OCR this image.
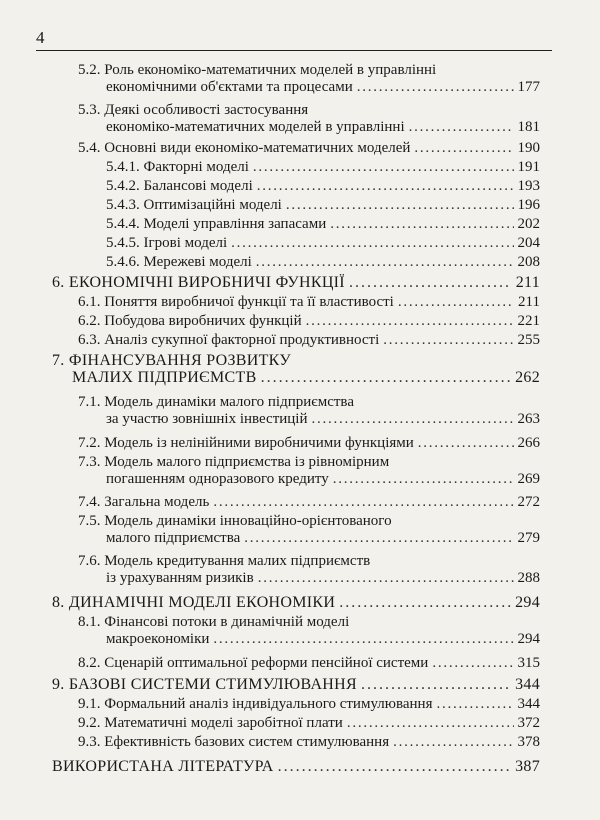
4
5.2. Роль економіко-математичних моделей в управлінні
економічними об'єктами та процесами . . .	177
5.3. Деякі особливості застосування
економіко-математичних моделей в управлінні . . .	181
5.4. Основні види економіко-математичних моделей . . .	190
5.4.1. Факторні моделі . . .	191
5.4.2. Балансові моделі . . .	193
5.4.3. Оптимізаційні моделі . . .	196
5.4.4. Моделі управління запасами . . .	202
5.4.5. Ігрові моделі . . .	204
5.4.6. Мережеві моделі . . .	208
6. ЕКОНОМІЧНІ ВИРОБНИЧІ ФУНКЦІЇ . . .	211
6.1. Поняття виробничої функції та її властивості . . .	211
6.2. Побудова виробничих функцій . . .	221
6.3. Аналіз сукупної факторної продуктивності . . .	255
7. ФІНАНСУВАННЯ РОЗВИТКУ
МАЛИХ ПІДПРИЄМСТВ . . .	262
7.1. Модель динаміки малого підприємства
за участю зовнішніх інвестицій . . .	263
7.2. Модель із нелінійними виробничими функціями . . .	266
7.3. Модель малого підприємства із рівномірним
погашенням одноразового кредиту . . .	269
7.4. Загальна модель . . .	272
7.5. Модель динаміки інноваційно-орієнтованого
малого підприємства . . .	279
7.6. Модель кредитування малих підприємств
із урахуванням ризиків . . .	288
8. ДИНАМІЧНІ МОДЕЛІ ЕКОНОМІКИ . . .	294
8.1. Фінансові потоки в динамічній моделі
макроекономіки . . .	294
8.2. Сценарій оптимальної реформи пенсійної системи . . .	315
9. БАЗОВІ СИСТЕМИ СТИМУЛЮВАННЯ . . .	344
9.1. Формальний аналіз індивідуального стимулювання . . .	344
9.2. Математичні моделі заробітної плати . . .	372
9.3. Ефективність базових систем стимулювання . . .	378
ВИКОРИСТАНА ЛІТЕРАТУРА . . .	387
